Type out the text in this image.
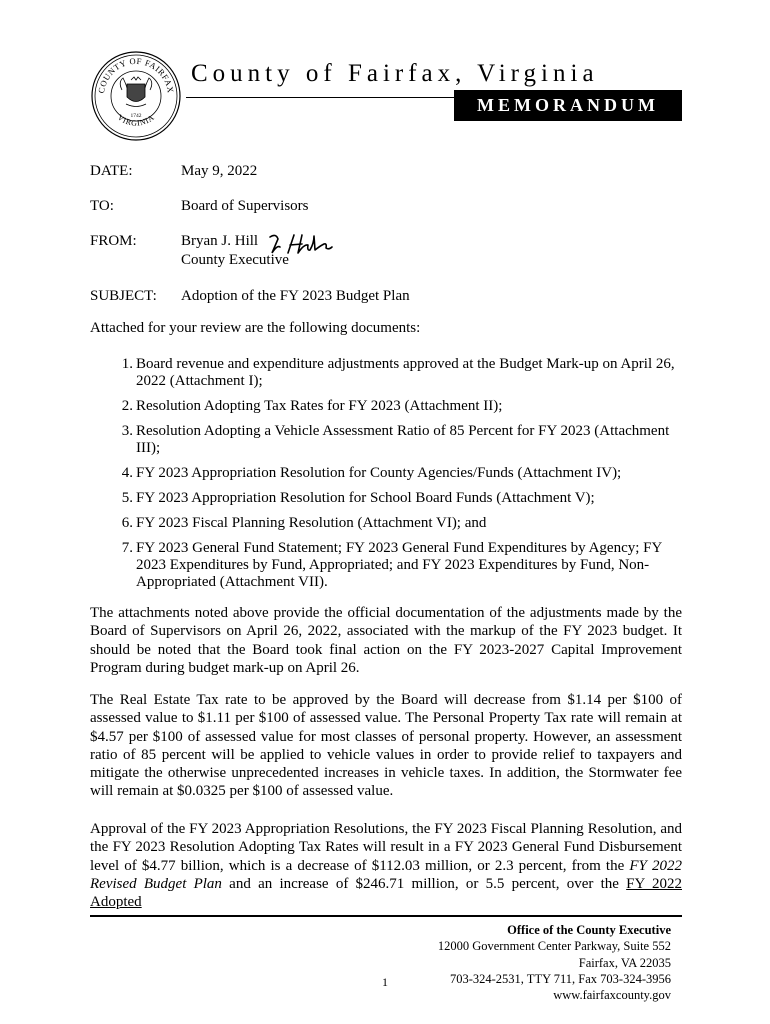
COUNTY OF FAIRFAX
VIRGINIA
1742
County of Fairfax, Virginia
MEMORANDUM
DATE:	May 9, 2022
TO:	Board of Supervisors
FROM:	Bryan J. Hill
County Executive
SUBJECT: Adoption of the FY 2023 Budget Plan
Attached for your review are the following documents:
1. Board revenue and expenditure adjustments approved at the Budget Mark-up on April 26, 2022 (Attachment I);
2. Resolution Adopting Tax Rates for FY 2023 (Attachment II);
3. Resolution Adopting a Vehicle Assessment Ratio of 85 Percent for FY 2023 (Attachment III);
4. FY 2023 Appropriation Resolution for County Agencies/Funds (Attachment IV);
5. FY 2023 Appropriation Resolution for School Board Funds (Attachment V);
6. FY 2023 Fiscal Planning Resolution (Attachment VI); and
7. FY 2023 General Fund Statement; FY 2023 General Fund Expenditures by Agency; FY 2023 Expenditures by Fund, Appropriated; and FY 2023 Expenditures by Fund, Non-Appropriated (Attachment VII).

The attachments noted above provide the official documentation of the adjustments made by the Board of Supervisors on April 26, 2022, associated with the markup of the FY 2023 budget. It should be noted that the Board took final action on the FY 2023-2027 Capital Improvement Program during budget mark-up on April 26.

The Real Estate Tax rate to be approved by the Board will decrease from $1.14 per $100 of assessed value to $1.11 per $100 of assessed value. The Personal Property Tax rate will remain at $4.57 per $100 of assessed value for most classes of personal property. However, an assessment ratio of 85 percent will be applied to vehicle values in order to provide relief to taxpayers and mitigate the otherwise unprecedented increases in vehicle taxes. In addition, the Stormwater fee will remain at $0.0325 per $100 of assessed value.

Approval of the FY 2023 Appropriation Resolutions, the FY 2023 Fiscal Planning Resolution, and the FY 2023 Resolution Adopting Tax Rates will result in a FY 2023 General Fund Disbursement level of $4.77 billion, which is a decrease of $112.03 million, or 2.3 percent, from the FY 2022 Revised Budget Plan and an increase of $246.71 million, or 5.5 percent, over the FY 2022 Adopted

Office of the County Executive
12000 Government Center Parkway, Suite 552
Fairfax, VA 22035
703-324-2531, TTY 711, Fax 703-324-3956
www.fairfaxcounty.gov
1
